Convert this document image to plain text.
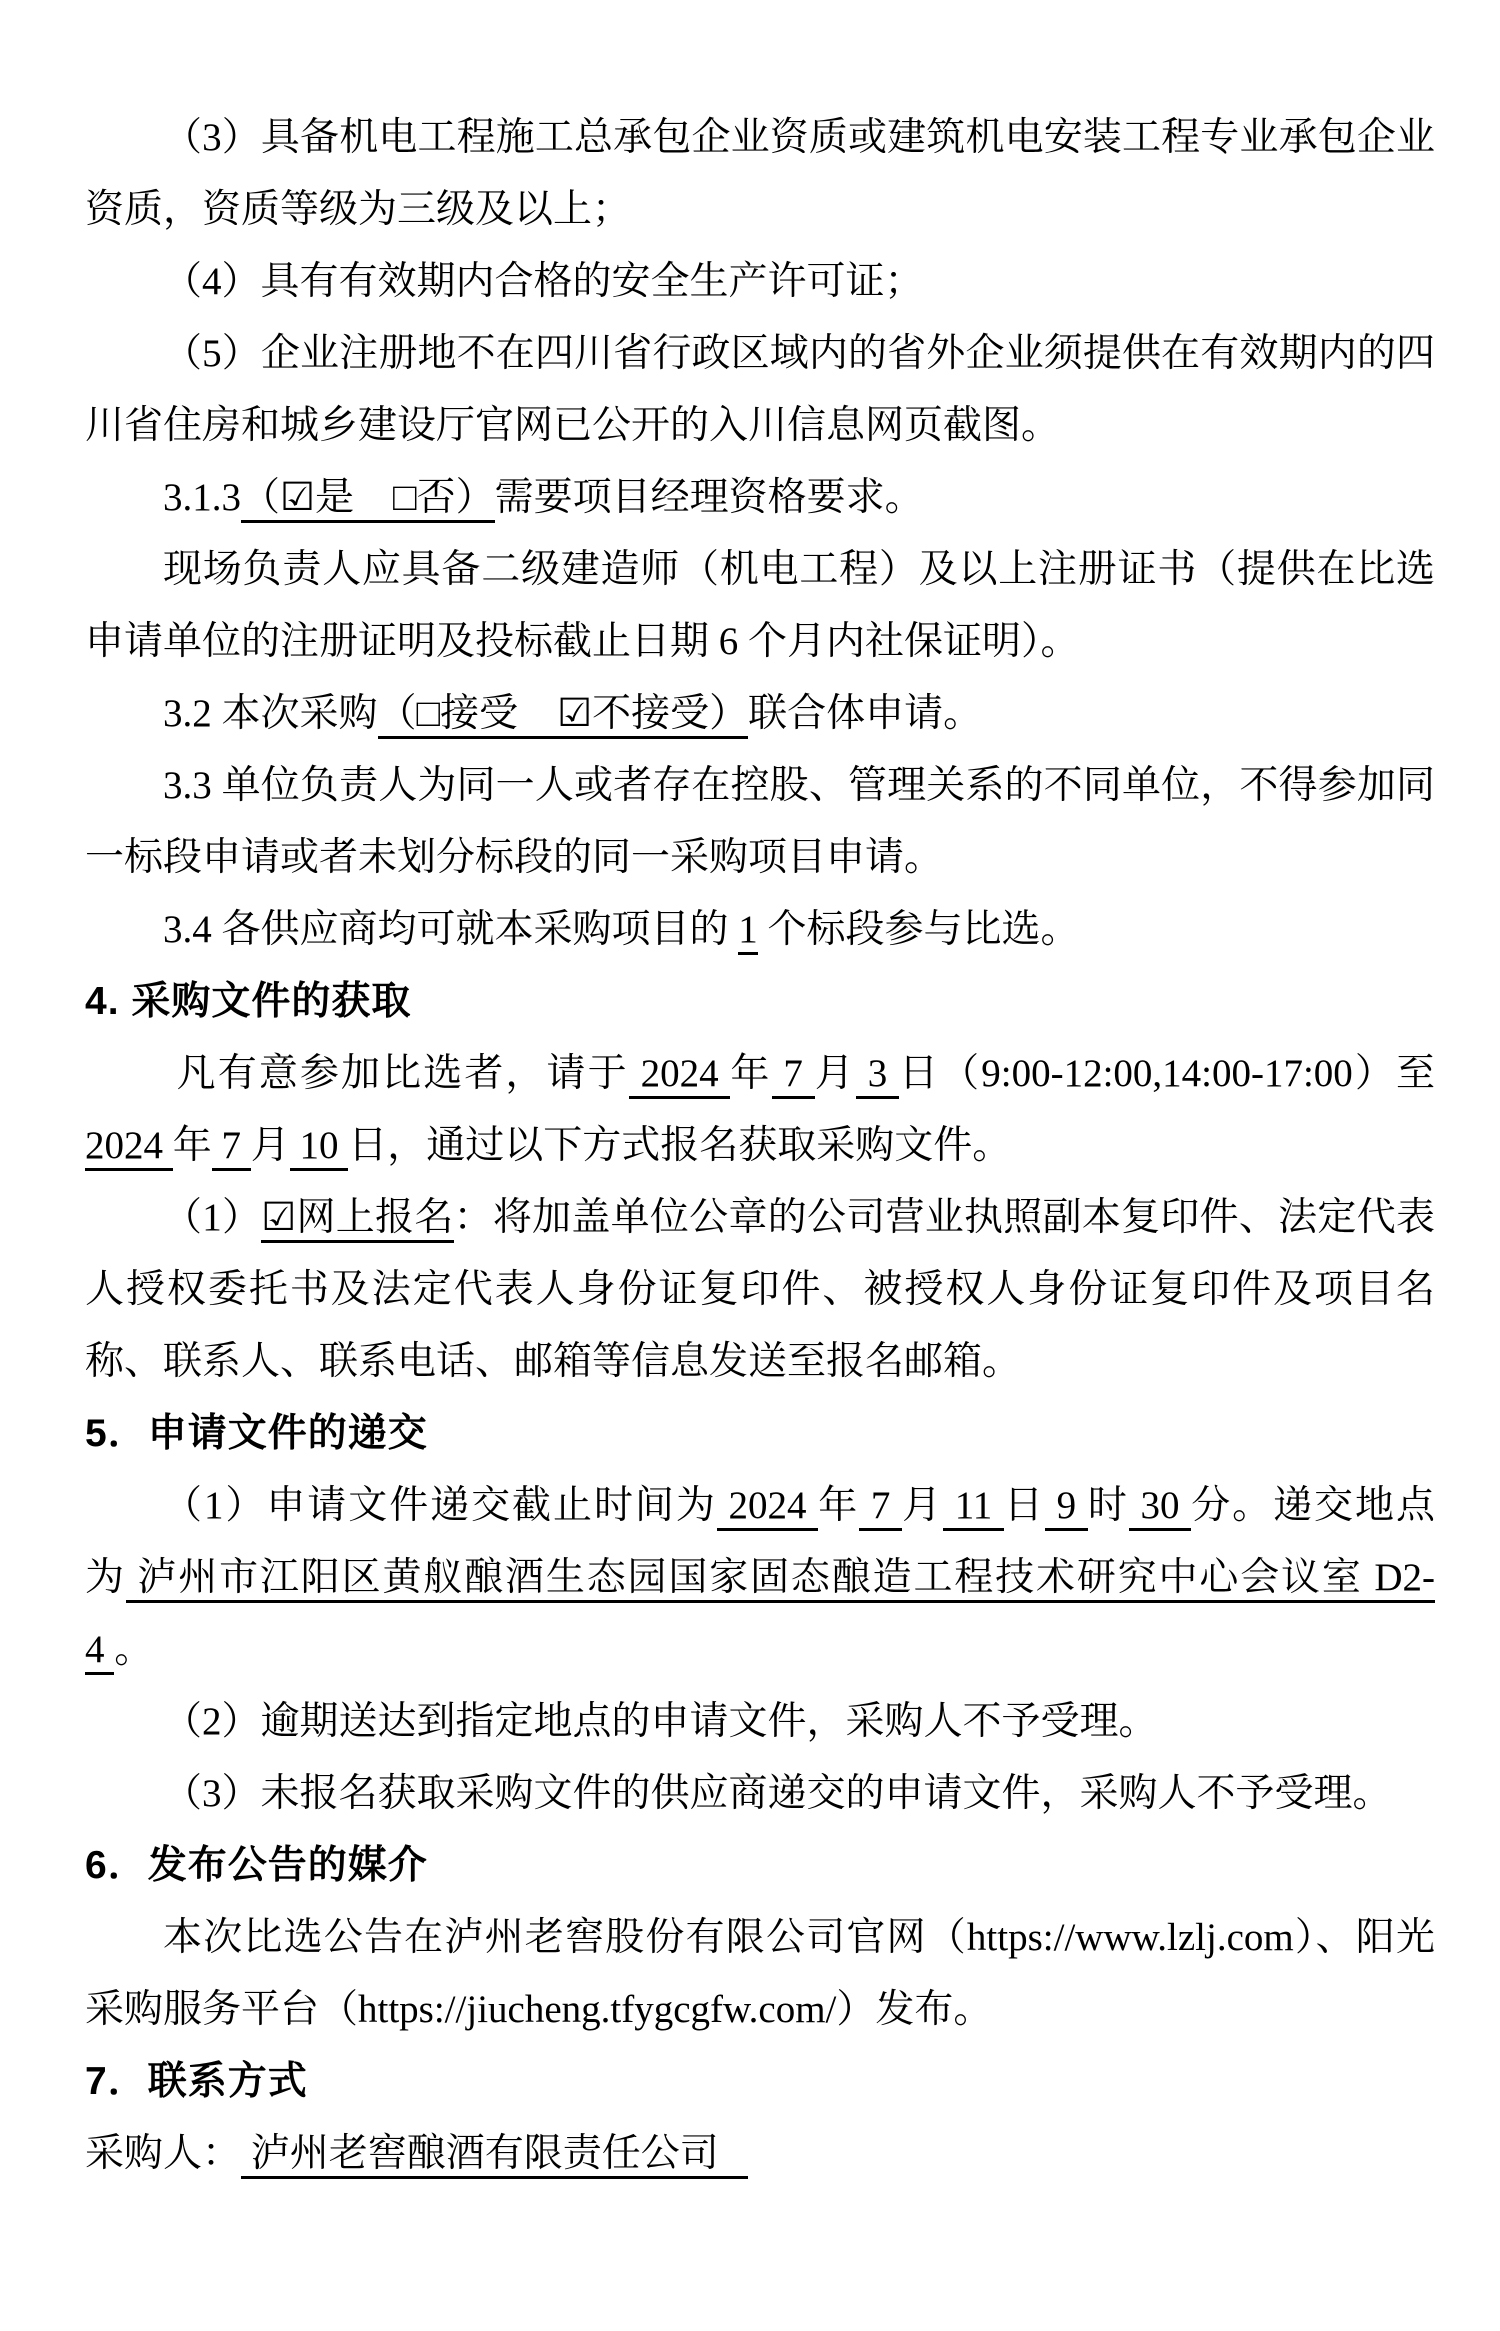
（3）具备机电工程施工总承包企业资质或建筑机电安装工程专业承包企业资质，资质等级为三级及以上；

（4）具有有效期内合格的安全生产许可证；

（5）企业注册地不在四川省行政区域内的省外企业须提供在有效期内的四川省住房和城乡建设厅官网已公开的入川信息网页截图。

3.1.3（☑是　□否）需要项目经理资格要求。

现场负责人应具备二级建造师（机电工程）及以上注册证书（提供在比选申请单位的注册证明及投标截止日期 6 个月内社保证明）。

3.2 本次采购（□接受　☑不接受）联合体申请。

3.3 单位负责人为同一人或者存在控股、管理关系的不同单位，不得参加同一标段申请或者未划分标段的同一采购项目申请。

3.4 各供应商均可就本采购项目的 1 个标段参与比选。

4. 采购文件的获取

凡有意参加比选者，请于 2024 年 7 月 3 日（9:00-12:00,14:00-17:00）至2024 年 7 月 10 日，通过以下方式报名获取采购文件。

（1）☑网上报名：将加盖单位公章的公司营业执照副本复印件、法定代表人授权委托书及法定代表人身份证复印件、被授权人身份证复印件及项目名称、联系人、联系电话、邮箱等信息发送至报名邮箱。

5．申请文件的递交

（1）申请文件递交截止时间为 2024 年 7 月 11 日 9 时 30 分。递交地点为 泸州市江阳区黄舣酿酒生态园国家固态酿造工程技术研究中心会议室 D2-4 。

（2）逾期送达到指定地点的申请文件，采购人不予受理。

（3）未报名获取采购文件的供应商递交的申请文件，采购人不予受理。

6．发布公告的媒介

本次比选公告在泸州老窖股份有限公司官网（https://www.lzlj.com）、阳光采购服务平台（https://jiucheng.tfygcgfw.com/）发布。

7．联系方式

采购人： 泸州老窖酿酒有限责任公司
